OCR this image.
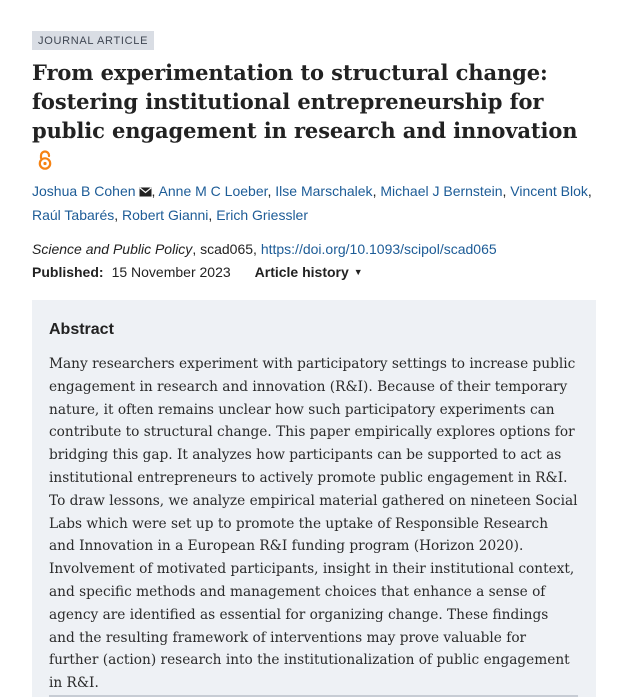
JOURNAL ARTICLE
From experimentation to structural change: fostering institutional entrepreneurship for public engagement in research and innovation
Joshua B Cohen , Anne M C Loeber, Ilse Marschalek, Michael J Bernstein, Vincent Blok,
Raúl Tabarés, Robert Gianni, Erich Griessler
Science and Public Policy, scad065, https://doi.org/10.1093/scipol/scad065
Published: 15 November 2023 Article history ▼
Abstract

Many researchers experiment with participatory settings to increase public engagement in research and innovation (R&I). Because of their temporary nature, it often remains unclear how such participatory experiments can contribute to structural change. This paper empirically explores options for bridging this gap. It analyzes how participants can be supported to act as institutional entrepreneurs to actively promote public engagement in R&I. To draw lessons, we analyze empirical material gathered on nineteen Social Labs which were set up to promote the uptake of Responsible Research and Innovation in a European R&I funding program (Horizon 2020). Involvement of motivated participants, insight in their institutional context, and specific methods and management choices that enhance a sense of agency are identified as essential for organizing change. These findings and the resulting framework of interventions may prove valuable for further (action) research into the institutionalization of public engagement in R&I.
